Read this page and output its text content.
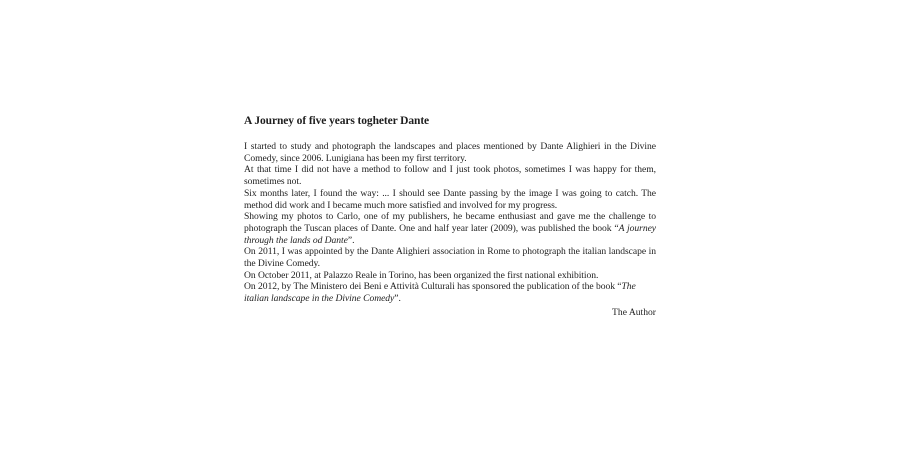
A Journey of five years togheter Dante

I started to study and photograph the landscapes and places mentioned by Dante Alighieri in the Divine Comedy, since 2006. Lunigiana has been my first territory.

At that time I did not have a method to follow and I just took photos, sometimes I was happy for them, sometimes not.

Six months later, I found the way: ... I should see Dante passing by the image I was going to catch. The method did work and I became much more satisfied and involved for my progress.

Showing my photos to Carlo, one of my publishers, he became enthusiast and gave me the challenge to photograph the Tuscan places of Dante. One and half year later (2009), was published the book “A journey through the lands od Dante”.

On 2011, I was appointed by the Dante Alighieri association in Rome to photograph the italian landscape in the Divine Comedy.

On October 2011, at Palazzo Reale in Torino, has been organized the first national exhibition.

On 2012, by The Ministero dei Beni e Attività Culturali has sponsored the publication of the book “The italian landscape in the Divine Comedy”.

The Author
